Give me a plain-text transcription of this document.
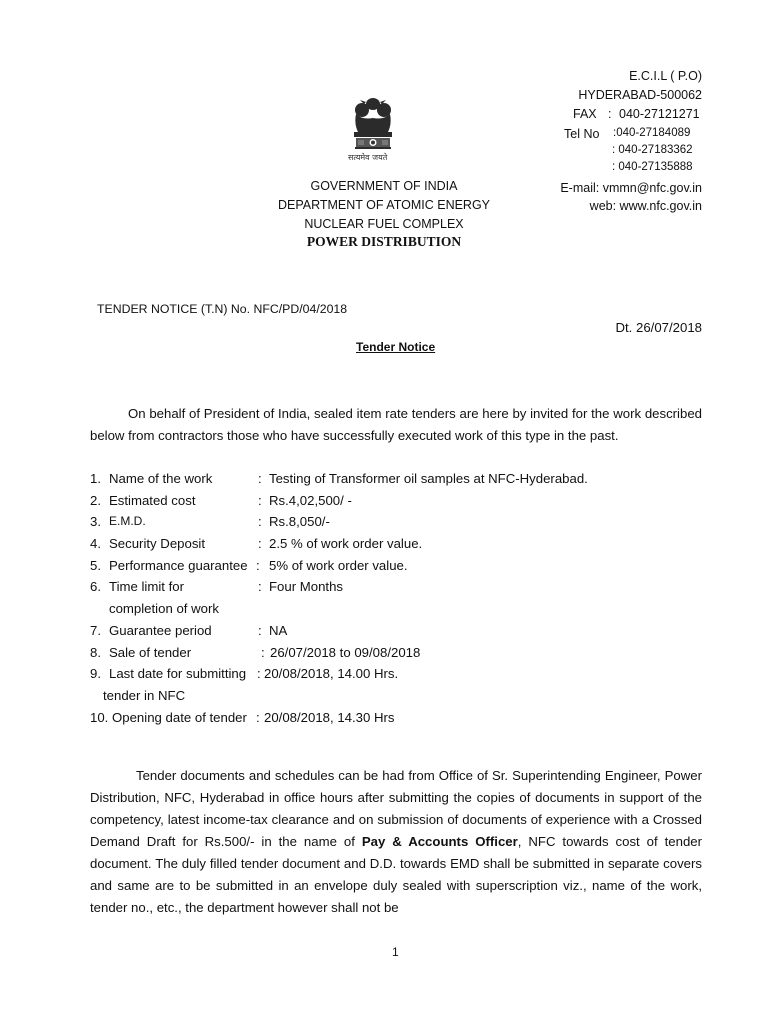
सत्यमेव जयते
E.C.I.L ( P.O)
HYDERABAD-500062
FAX : 040-27121271
Tel No :040-27184089
: 040-27183362
: 040-27135888
E-mail: vmmn@nfc.gov.in
web: www.nfc.gov.in
GOVERNMENT OF INDIA
DEPARTMENT OF ATOMIC ENERGY
NUCLEAR FUEL COMPLEX
POWER DISTRIBUTION
TENDER NOTICE (T.N) No. NFC/PD/04/2018
Dt. 26/07/2018
Tender Notice
On behalf of President of India, sealed item rate tenders are here by invited for the work described below from contractors those who have successfully executed work of this type in the past.
1. Name of the work	: Testing of Transformer oil samples at NFC-Hyderabad.
2. Estimated cost	: Rs.4,02,500/ -
3. E.M.D.	: Rs.8,050/-
4. Security Deposit	: 2.5 % of work order value.
5. Performance guarantee : 5% of work order value.
6. Time limit for	: Four Months
completion of work
7. Guarantee period	: NA
8. Sale of tender	: 26/07/2018 to 09/08/2018
9. Last date for submitting : 20/08/2018, 14.00 Hrs.
tender in NFC
10. Opening date of tender : 20/08/2018, 14.30 Hrs
Tender documents and schedules can be had from Office of Sr. Superintending Engineer, Power Distribution, NFC, Hyderabad in office hours after submitting the copies of documents in support of the competency, latest income-tax clearance and on submission of documents of experience with a Crossed Demand Draft for Rs.500/- in the name of Pay & Accounts Officer, NFC towards cost of tender document. The duly filled tender document and D.D. towards EMD shall be submitted in separate covers and same are to be submitted in an envelope duly sealed with superscription viz., name of the work, tender no., etc., the department however shall not be
1
